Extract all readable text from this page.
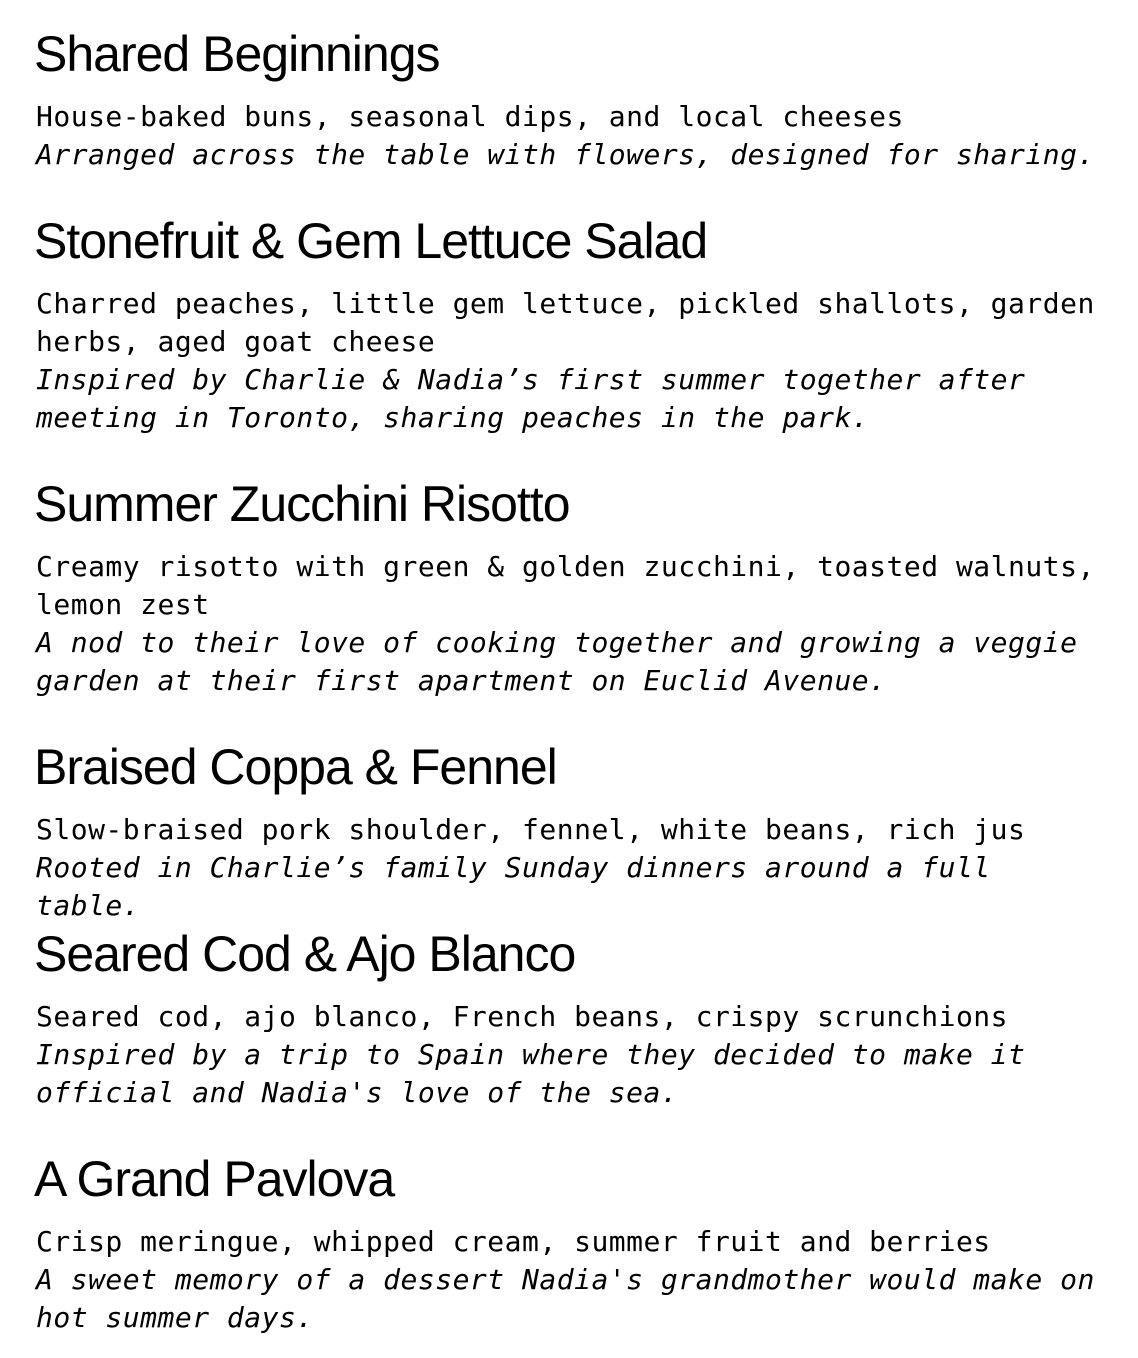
Shared Beginnings

House-baked buns, seasonal dips, and local cheeses

Arranged across the table with flowers, designed for sharing.

Stonefruit & Gem Lettuce Salad

Charred peaches, little gem lettuce, pickled shallots, garden
herbs, aged goat cheese

Inspired by Charlie & Nadia’s first summer together after
meeting in Toronto, sharing peaches in the park.

Summer Zucchini Risotto

Creamy risotto with green & golden zucchini, toasted walnuts,
lemon zest

A nod to their love of cooking together and growing a veggie
garden at their first apartment on Euclid Avenue.

Braised Coppa & Fennel

Slow-braised pork shoulder, fennel, white beans, rich jus

Rooted in Charlie’s family Sunday dinners around a full table.

Seared Cod & Ajo Blanco

Seared cod, ajo blanco, French beans, crispy scrunchions

Inspired by a trip to Spain where they decided to make it
official and Nadia's love of the sea.

A Grand Pavlova

Crisp meringue, whipped cream, summer fruit and berries

A sweet memory of a dessert Nadia's grandmother would make on
hot summer days.
